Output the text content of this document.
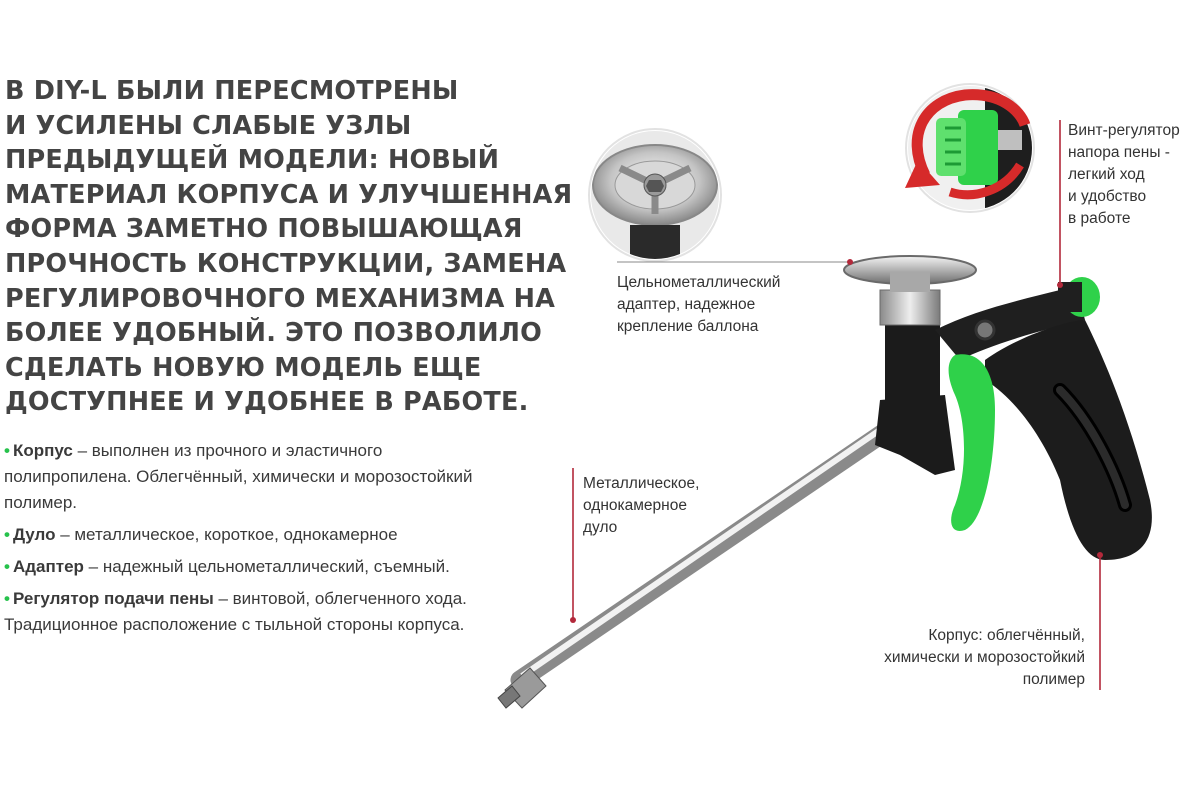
В DIY-L БЫЛИ ПЕРЕСМОТРЕНЫ
И УСИЛЕНЫ СЛАБЫЕ УЗЛЫ
ПРЕДЫДУЩЕЙ МОДЕЛИ: НОВЫЙ
МАТЕРИАЛ КОРПУСА И УЛУЧШЕННАЯ
ФОРМА ЗАМЕТНО ПОВЫШАЮЩАЯ
ПРОЧНОСТЬ КОНСТРУКЦИИ, ЗАМЕНА
РЕГУЛИРОВОЧНОГО МЕХАНИЗМА НА
БОЛЕЕ УДОБНЫЙ. ЭТО ПОЗВОЛИЛО
СДЕЛАТЬ НОВУЮ МОДЕЛЬ ЕЩЕ
ДОСТУПНЕЕ И УДОБНЕЕ В РАБОТЕ.
• Корпус – выполнен из прочного и эластичного полипропилена. Облегчённый, химически и морозостойкий полимер.
• Дуло – металлическое, короткое, однокамерное
• Адаптер – надежный цельнометаллический, съемный.
• Регулятор подачи пены – винтовой, облегченного хода. Традиционное расположение с тыльной стороны корпуса.

Цельнометаллический
адаптер, надежное
крепление баллона

Винт-регулятор
напора пены -
легкий ход
и удобство
в работе

Металлическое,
однокамерное
дуло

Корпус: облегчённый,
химически и морозостойкий
полимер
